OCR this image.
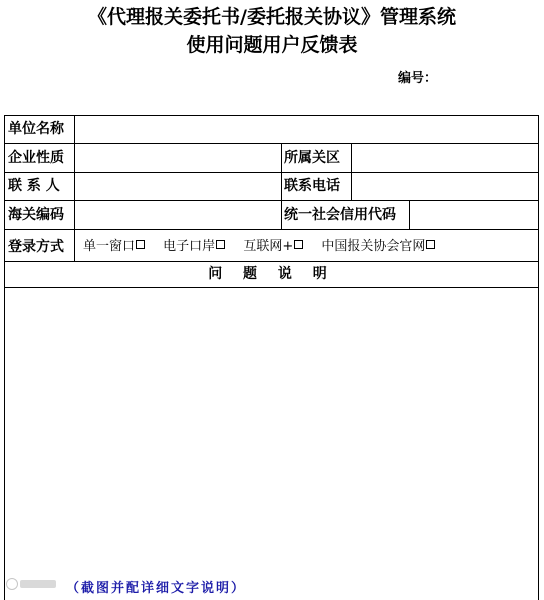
《代理报关委托书/委托报关协议》管理系统
使用问题用户反馈表
编号：
单位名称
企业性质	所属关区
联 系 人	联系电话
海关编码	统一社会信用代码
登录方式 单一窗口 电子口岸 互联网+ 中国报关协会官网
问 题 说 明
（截图并配详细文字说明）
